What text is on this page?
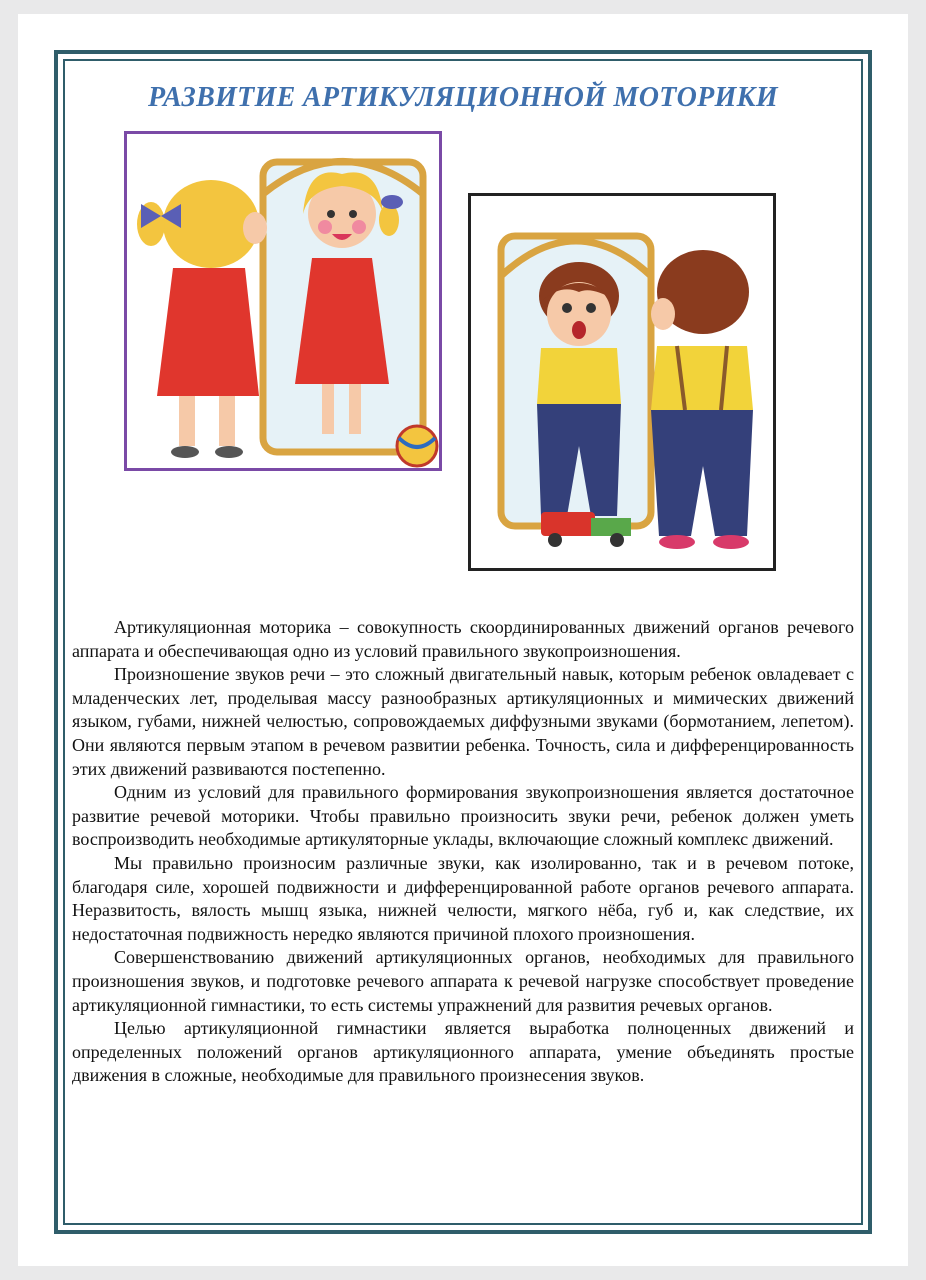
РАЗВИТИЕ АРТИКУЛЯЦИОННОЙ МОТОРИКИ

Артикуляционная моторика – совокупность скоординированных движений органов речевого аппарата и обеспечивающая одно из условий правильного звукопроизношения.

Произношение звуков речи – это сложный двигательный навык, которым ребенок овладевает с младенческих лет, проделывая массу разнообразных артикуляционных и мимических движений языком, губами, нижней челюстью, сопровождаемых диффузными звуками (бормотанием, лепетом). Они являются первым этапом в речевом развитии ребенка. Точность, сила и дифференцированность этих движений развиваются постепенно.

Одним из условий для правильного формирования звукопроизношения является достаточное развитие речевой моторики. Чтобы правильно произносить звуки речи, ребенок должен уметь воспроизводить необходимые артикуляторные уклады, включающие сложный комплекс движений.

Мы правильно произносим различные звуки, как изолированно, так и в речевом потоке, благодаря силе, хорошей подвижности и дифференцированной работе органов речевого аппарата. Неразвитость, вялость мышц языка, нижней челюсти, мягкого нёба, губ и, как следствие, их недостаточная подвижность нередко являются причиной плохого произношения.

Совершенствованию движений артикуляционных органов, необходимых для правильного произношения звуков, и подготовке речевого аппарата к речевой нагрузке способствует проведение артикуляционной гимнастики, то есть системы упражнений для развития речевых органов.

Целью артикуляционной гимнастики является выработка полноценных движений и определенных положений органов артикуляционного аппарата, умение объединять простые движения в сложные, необходимые для правильного произнесения звуков.
